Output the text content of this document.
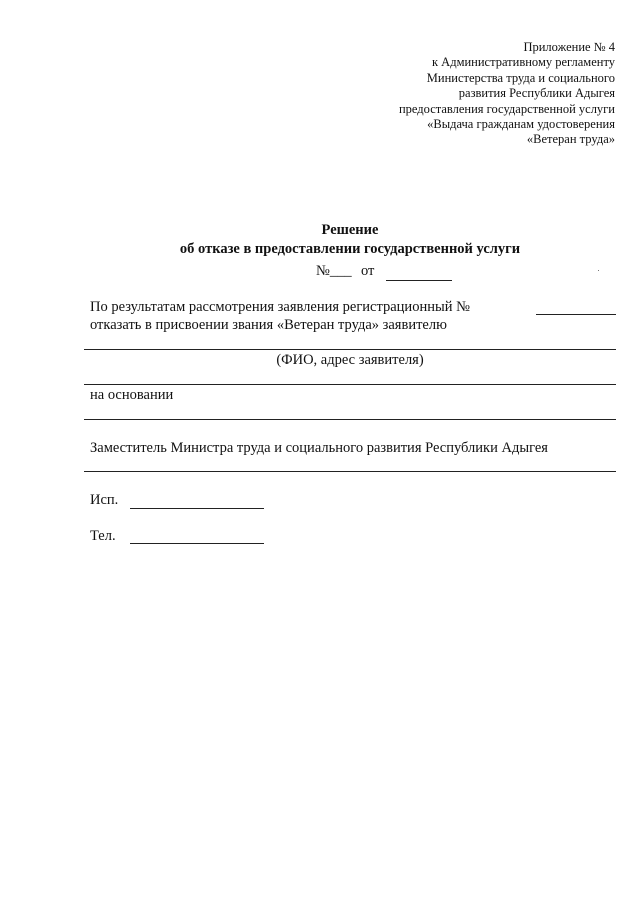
Приложение № 4
к Административному регламенту
Министерства труда и социального
развития Республики Адыгея
предоставления государственной услуги
«Выдача гражданам удостоверения
«Ветеран труда»
Решение
об отказе в предоставлении государственной услуги
№___ от
По результатам рассмотрения заявления регистрационный №
отказать в присвоении звания «Ветеран труда» заявителю
(ФИО, адрес заявителя)
на основании
Заместитель Министра труда и социального развития Республики Адыгея
Исп.
Тел.
